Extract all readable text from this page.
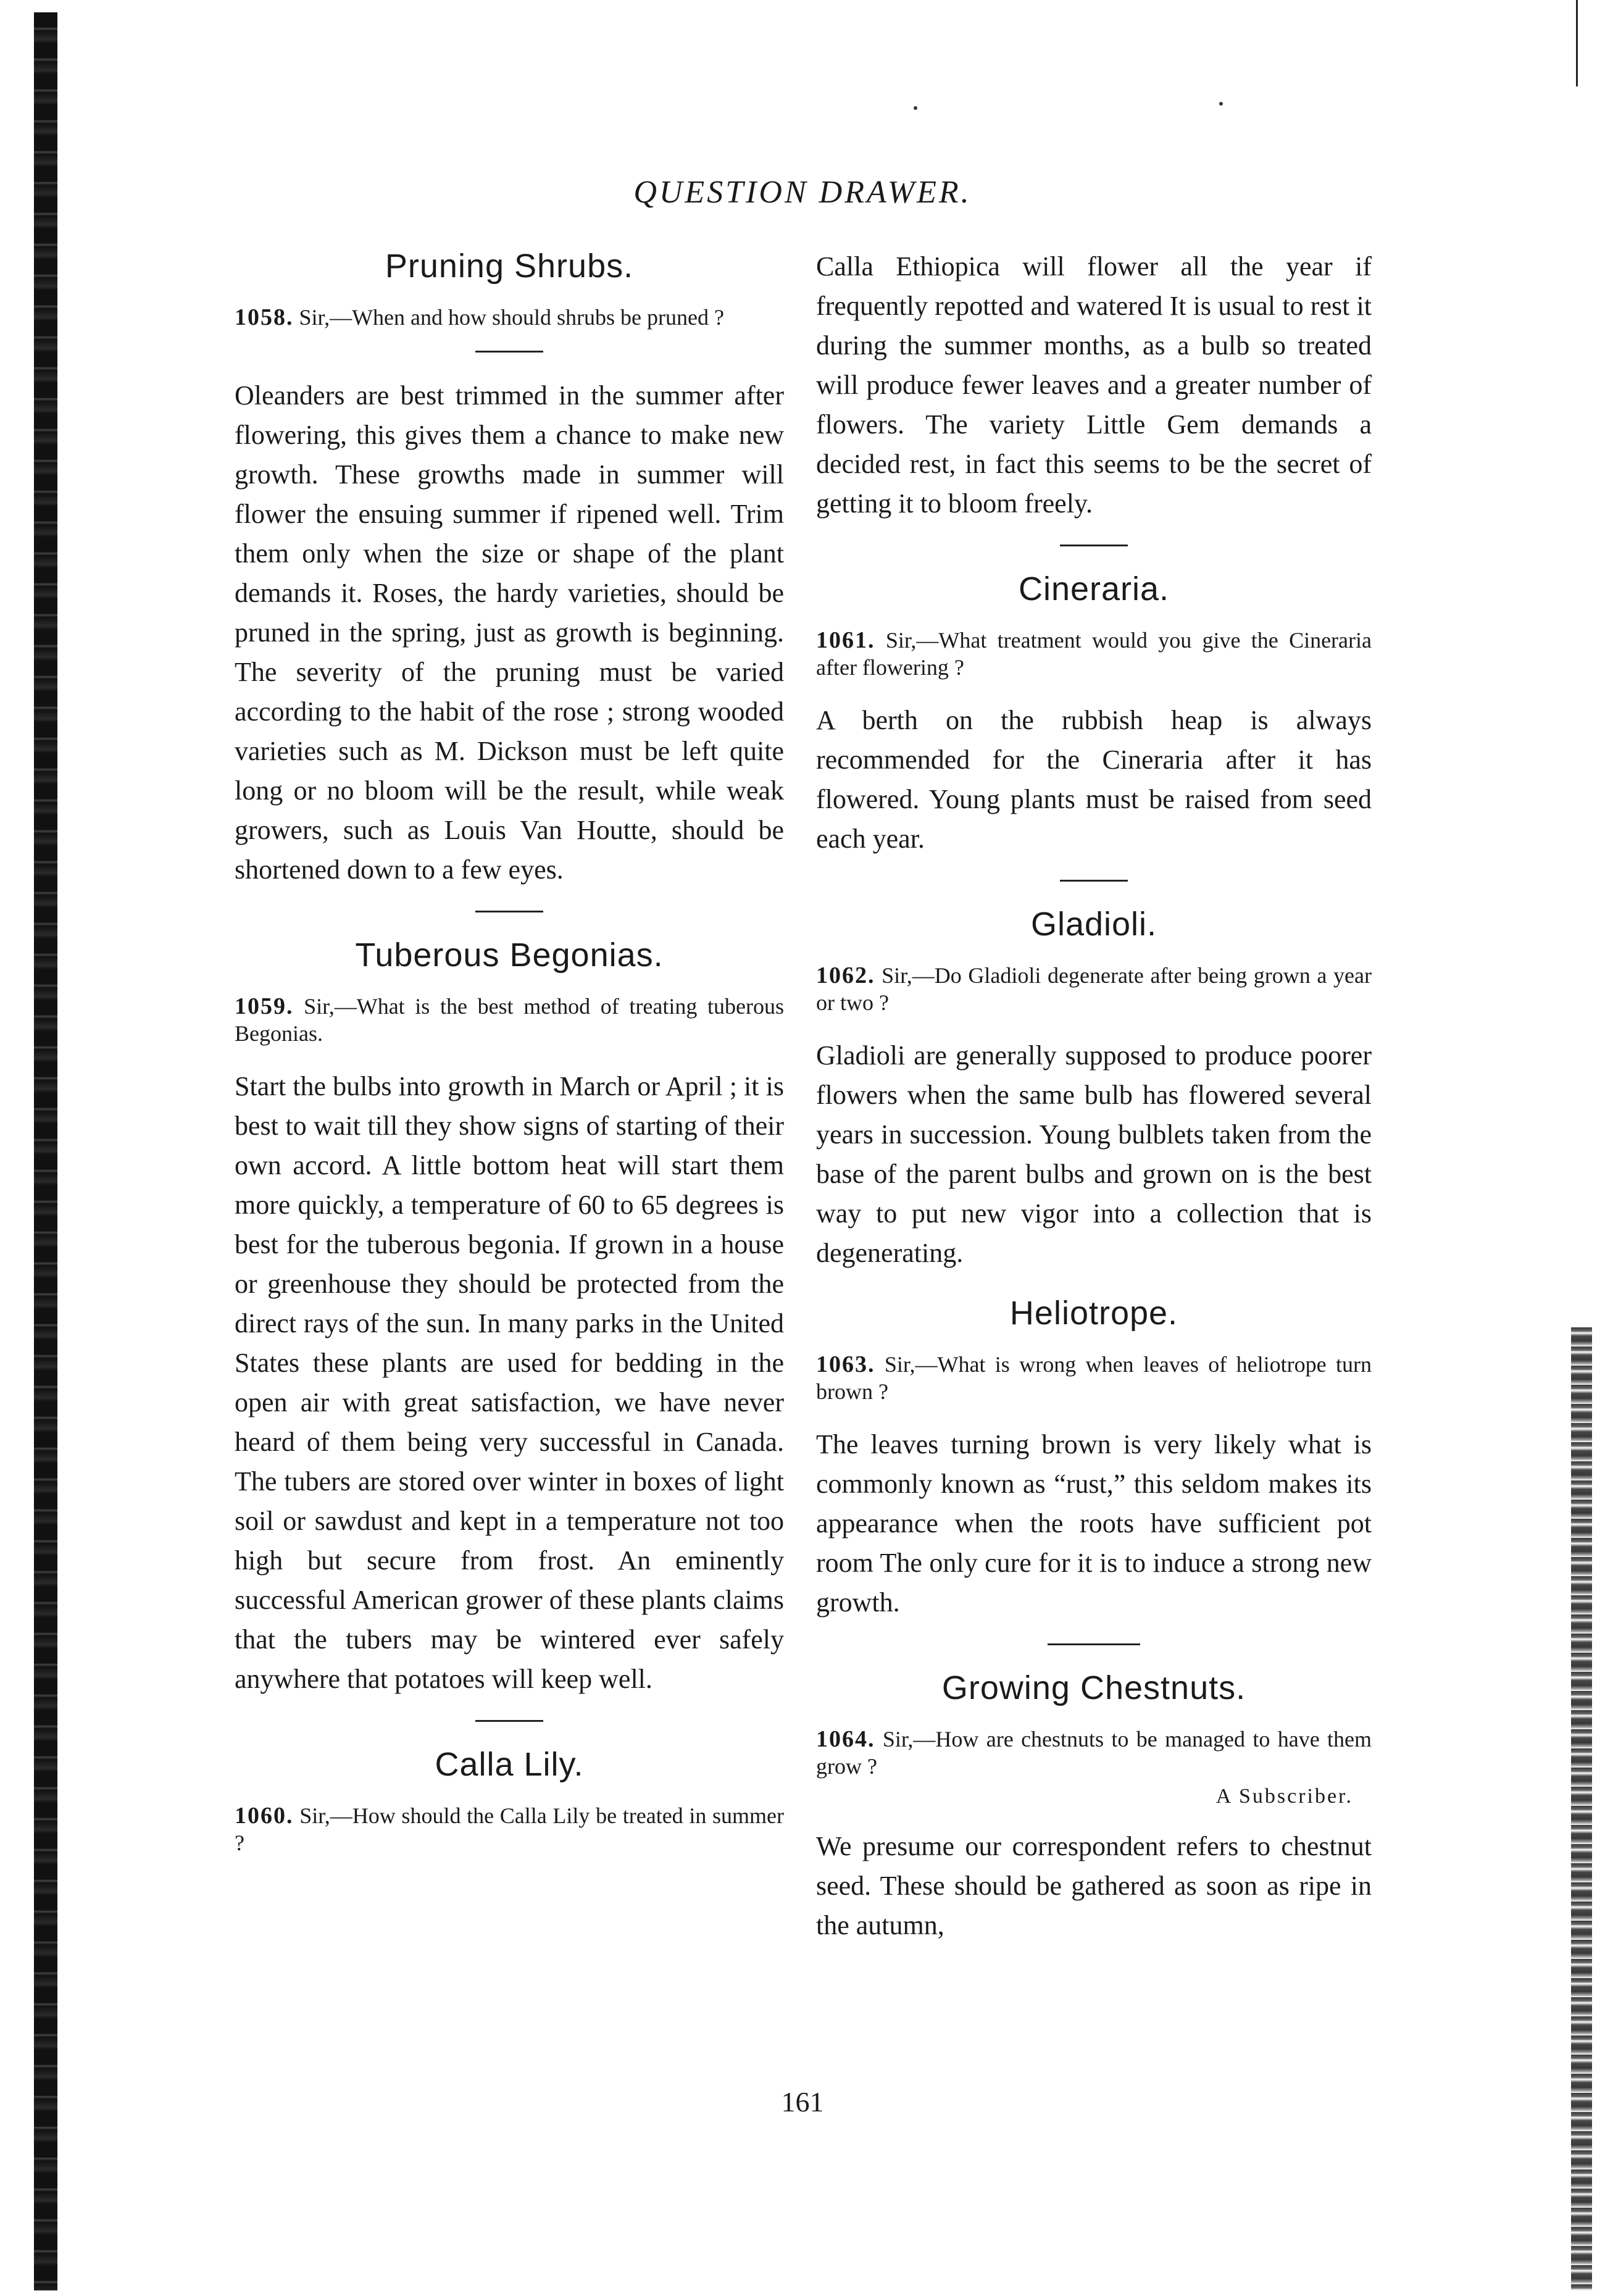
QUESTION DRAWER.
Pruning Shrubs.
1058. Sir,—When and how should shrubs be pruned ?
Oleanders are best trimmed in the summer after flowering, this gives them a chance to make new growth. These growths made in summer will flower the ensuing summer if ripened well. Trim them only when the size or shape of the plant demands it. Roses, the hardy varieties, should be pruned in the spring, just as growth is beginning. The severity of the pruning must be varied according to the habit of the rose ; strong wooded varieties such as M. Dickson must be left quite long or no bloom will be the result, while weak growers, such as Louis Van Houtte, should be shortened down to a few eyes.
Tuberous Begonias.
1059. Sir,—What is the best method of treating tuberous Begonias.
Start the bulbs into growth in March or April ; it is best to wait till they show signs of starting of their own accord. A little bottom heat will start them more quickly, a temperature of 60 to 65 degrees is best for the tuberous begonia. If grown in a house or greenhouse they should be protected from the direct rays of the sun. In many parks in the United States these plants are used for bedding in the open air with great satisfaction, we have never heard of them being very successful in Canada. The tubers are stored over winter in boxes of light soil or sawdust and kept in a temperature not too high but secure from frost. An eminently successful American grower of these plants claims that the tubers may be wintered ever safely anywhere that potatoes will keep well.
Calla Lily.
1060. Sir,—How should the Calla Lily be treated in summer ?
Calla Ethiopica will flower all the year if frequently repotted and watered It is usual to rest it during the summer months, as a bulb so treated will produce fewer leaves and a greater number of flowers. The variety Little Gem demands a decided rest, in fact this seems to be the secret of getting it to bloom freely.
Cineraria.
1061. Sir,—What treatment would you give the Cineraria after flowering ?
A berth on the rubbish heap is always recommended for the Cineraria after it has flowered. Young plants must be raised from seed each year.
Gladioli.
1062. Sir,—Do Gladioli degenerate after being grown a year or two ?
Gladioli are generally supposed to produce poorer flowers when the same bulb has flowered several years in succession. Young bulblets taken from the base of the parent bulbs and grown on is the best way to put new vigor into a collection that is degenerating.
Heliotrope.
1063. Sir,—What is wrong when leaves of heliotrope turn brown ?
The leaves turning brown is very likely what is commonly known as “rust,” this seldom makes its appearance when the roots have sufficient pot room The only cure for it is to induce a strong new growth.
Growing Chestnuts.
1064. Sir,—How are chestnuts to be managed to have them grow ?
A Subscriber.
We presume our correspondent refers to chestnut seed. These should be gathered as soon as ripe in the autumn,
161
